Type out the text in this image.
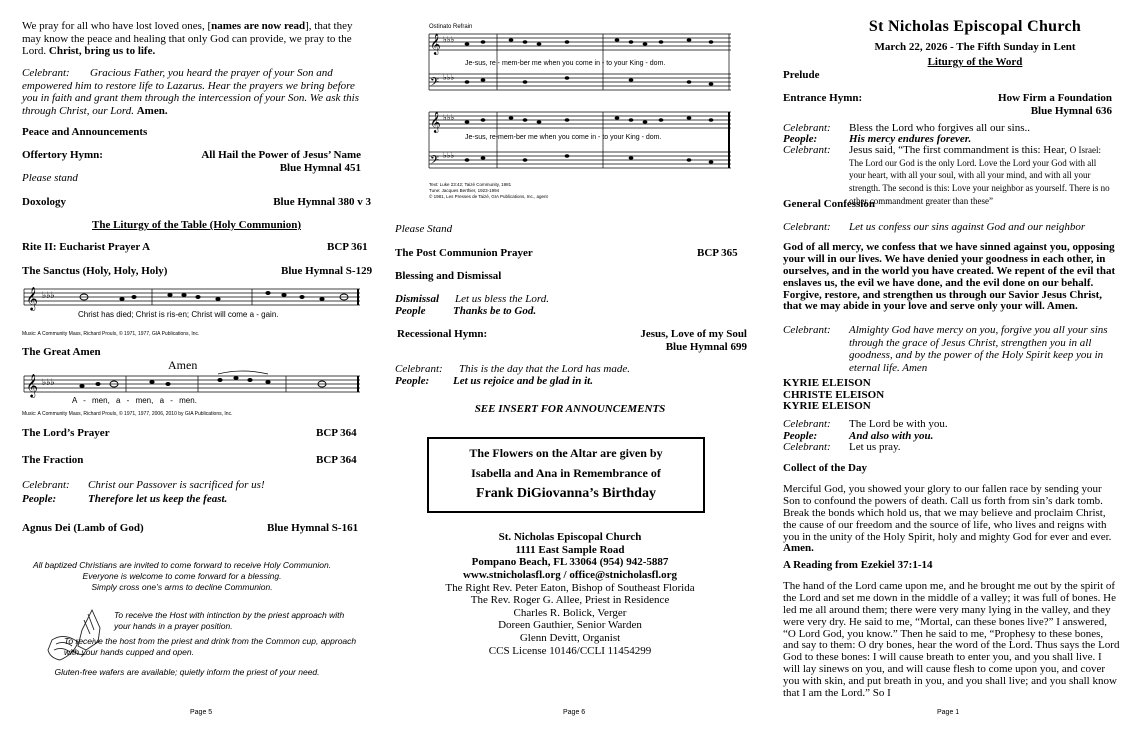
We pray for all who have lost loved ones, [names are now read], that they may know the peace and healing that only God can provide, we pray to the Lord. Christ, bring us to life.
Celebrant: Gracious Father, you heard the prayer of your Son and empowered him to restore life to Lazarus. Hear the prayers we bring before you in faith and grant them through the intercession of your Son. We ask this through Christ, our Lord. Amen.
Peace and Announcements
Offertory Hymn:	All Hail the Power of Jesus’ Name
Blue Hymnal 451
Please stand
Doxology	Blue Hymnal 380 v 3
The Liturgy of the Table (Holy Communion)
Rite II: Eucharist Prayer A	BCP 361
The Sanctus (Holy, Holy, Holy)	Blue Hymnal S-129
𝄞 ♭♭♭
Christ has died; Christ is ris-en; Christ will come a - gain.
Music: A Community Mass, Richard Proulx, © 1971, 1977, GIA Publications, Inc.
The Great Amen
Amen
𝄞 ♭♭♭
A - men, a - men, a - men.
Music: A Community Mass, Richard Proulx, © 1971, 1977, 2006, 2010 by GIA Publications, Inc.
The Lord’s Prayer	BCP 364
The Fraction	BCP 364
Celebrant: Christ our Passover is sacrificed for us!
People:	Therefore let us keep the feast.
Agnus Dei (Lamb of God)	Blue Hymnal S-161
All baptized Christians are invited to come forward to receive Holy Communion.
Everyone is welcome to come forward for a blessing.
Simply cross one’s arms to decline Communion.
To receive the Host with intinction by the priest approach with your hands in a prayer position.
To receive the host from the priest and drink from the Common cup, approach with your hands cupped and open.
Gluten-free wafers are available; quietly inform the priest of your need.
Page 5
Ostinato Refrain
𝄞
𝄢
𝄞
𝄢
♭♭♭
♭♭♭
♭♭♭
♭♭♭
Je-sus, re - mem-ber me when you come in - to your King - dom.
Je-sus, re-mem-ber me when you come in - to your King - dom.
Text: Luke 23:42; Taizé Community, 1981
Tune: Jacques Berthier, 1923-1994
© 1981, Les Presses de Taizé, GIA Publications, Inc., agent
Please Stand
The Post Communion Prayer	BCP 365
Blessing and Dismissal
Dismissal Let us bless the Lord.
People Thanks be to God.
Recessional Hymn:	Jesus, Love of my Soul
Blue Hymnal 699
Celebrant: This is the day that the Lord has made.
People: Let us rejoice and be glad in it.
SEE INSERT FOR ANNOUNCEMENTS
The Flowers on the Altar are given by
Isabella and Ana in Remembrance of
Frank DiGiovanna’s Birthday
St. Nicholas Episcopal Church
1111 East Sample Road
Pompano Beach, FL 33064 (954) 942-5887
www.stnicholasfl.org / office@stnicholasfl.org
The Right Rev. Peter Eaton, Bishop of Southeast Florida
The Rev. Roger G. Allee, Priest in Residence
Charles R. Bolick, Verger
Doreen Gauthier, Senior Warden
Glenn Devitt, Organist
CCS License 10146/CCLI 11454299
Page 6
St Nicholas Episcopal Church
March 22, 2026 - The Fifth Sunday in Lent
Liturgy of the Word
Prelude
Entrance Hymn:	How Firm a Foundation
Blue Hymnal 636
Celebrant: Bless the Lord who forgives all our sins..
People:	His mercy endures forever.
Celebrant:	Jesus said, “The first commandment is this: Hear, O Israel: The Lord our God is the only Lord. Love the Lord your God with all your heart, with all your soul, with all your mind, and with all your strength. The second is this: Love your neighbor as yourself. There is no other commandment greater than these”
General Confession
Celebrant: Let us confess our sins against God and our neighbor
God of all mercy, we confess that we have sinned against you, opposing your will in our lives. We have denied your goodness in each other, in ourselves, and in the world you have created. We repent of the evil that enslaves us, the evil we have done, and the evil done on our behalf. Forgive, restore, and strengthen us through our Savior Jesus Christ, that we may abide in your love and serve only your will. Amen.
Celebrant:	Almighty God have mercy on you, forgive you all your sins through the grace of Jesus Christ, strengthen you in all goodness, and by the power of the Holy Spirit keep you in eternal life. Amen
KYRIE ELEISON
CHRISTE ELEISON
KYRIE ELEISON
Celebrant: The Lord be with you.
People:	And also with you.
Celebrant: Let us pray.
Collect of the Day
Merciful God, you showed your glory to our fallen race by sending your Son to confound the powers of death. Call us forth from sin’s dark tomb. Break the bonds which hold us, that we may believe and proclaim Christ, the cause of our freedom and the source of life, who lives and reigns with you in the unity of the Holy Spirit, holy and mighty God for ever and ever. Amen.
A Reading from Ezekiel 37:1-14
The hand of the Lord came upon me, and he brought me out by the spirit of the Lord and set me down in the middle of a valley; it was full of bones. He led me all around them; there were very many lying in the valley, and they were very dry. He said to me, “Mortal, can these bones live?” I answered, “O Lord God, you know.” Then he said to me, “Prophesy to these bones, and say to them: O dry bones, hear the word of the Lord. Thus says the Lord God to these bones: I will cause breath to enter you, and you shall live. I will lay sinews on you, and will cause flesh to come upon you, and cover you with skin, and put breath in you, and you shall live; and you shall know that I am the Lord.” So I
Page 1
